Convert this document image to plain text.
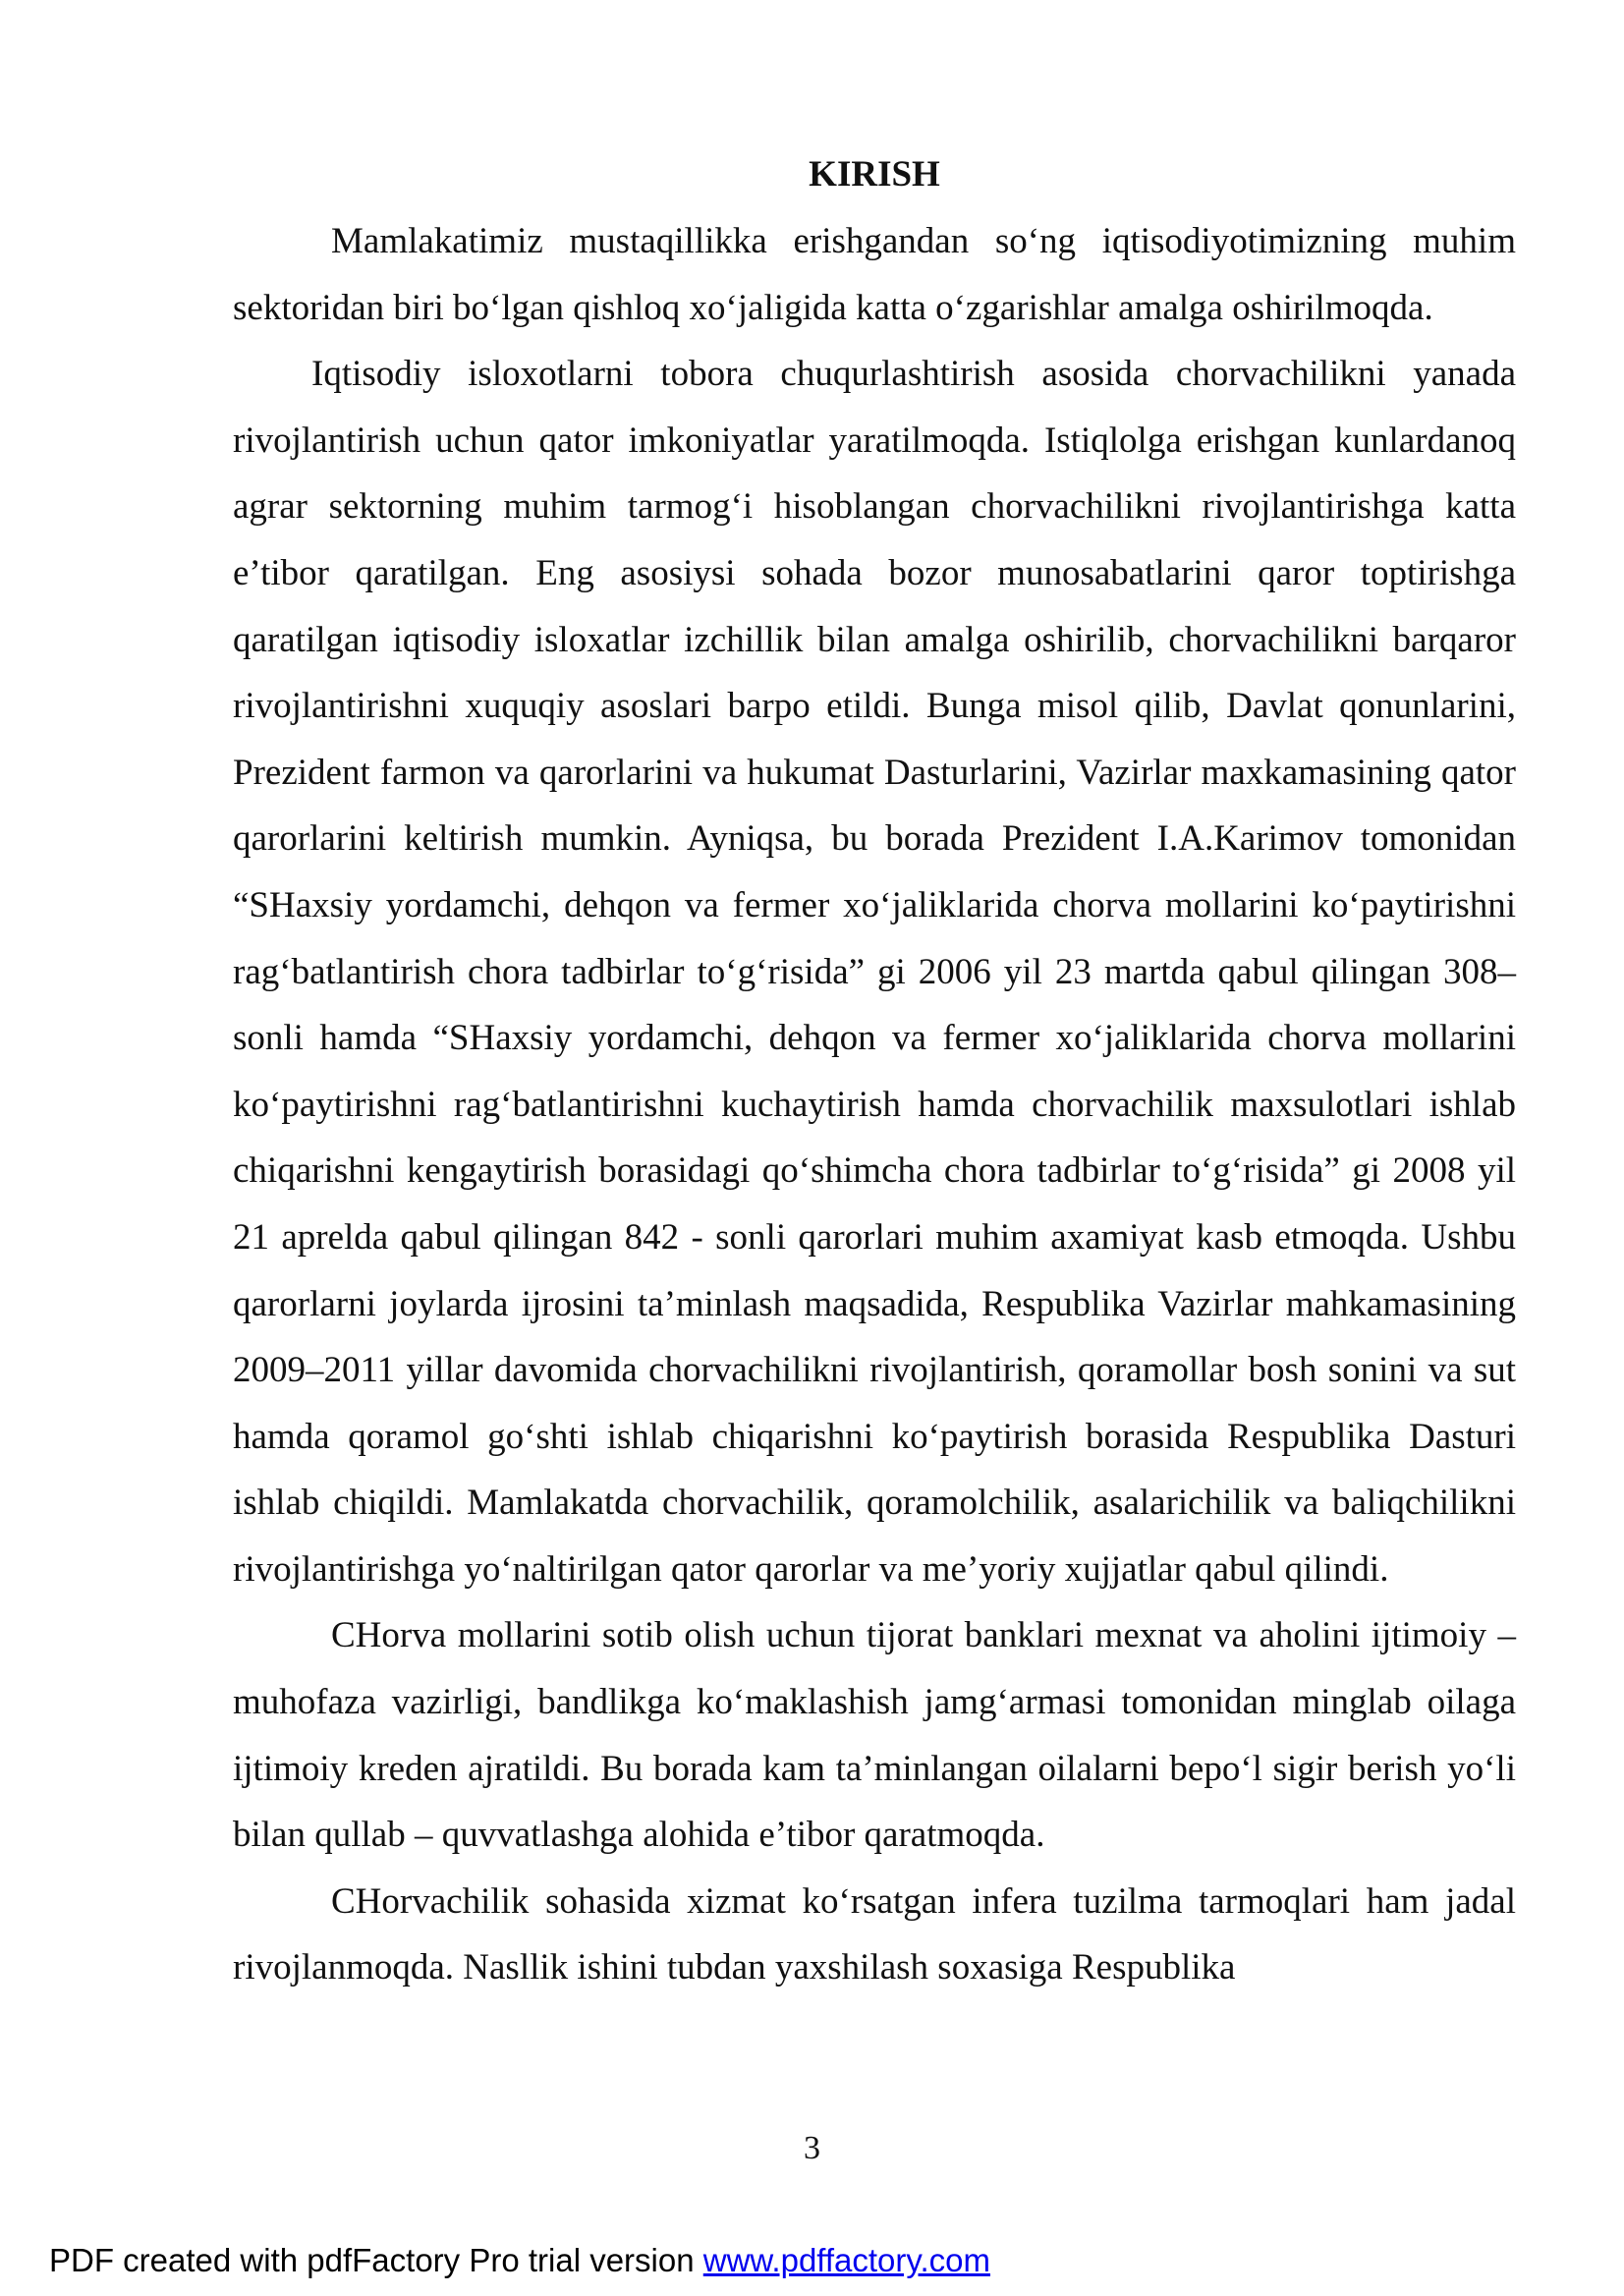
KIRISH

Mamlakatimiz mustaqillikka erishgandan so‘ng iqtisodiyotimizning muhim sektoridan biri bo‘lgan qishloq xo‘jaligida katta o‘zgarishlar amalga oshirilmoqda.

Iqtisodiy isloxotlarni tobora chuqurlashtirish asosida chorvachilikni yanada rivojlantirish uchun qator imkoniyatlar yaratilmoqda. Istiqlolga erishgan kunlardanoq agrar sektorning muhim tarmog‘i hisoblangan chorvachilikni rivojlantirishga katta e’tibor qaratilgan. Eng asosiysi sohada bozor munosabatlarini qaror toptirishga qaratilgan iqtisodiy isloxatlar izchillik bilan amalga oshirilib, chorvachilikni barqaror rivojlantirishni xuquqiy asoslari barpo etildi. Bunga misol qilib, Davlat qonunlarini, Prezident farmon va qarorlarini va hukumat Dasturlarini, Vazirlar maxkamasining qator qarorlarini keltirish mumkin. Ayniqsa, bu borada Prezident I.A.Karimov tomonidan “SHaxsiy yordamchi, dehqon va fermer xo‘jaliklarida chorva mollarini ko‘paytirishni rag‘batlantirish chora tadbirlar to‘g‘risida” gi 2006 yil 23 martda qabul qilingan 308–sonli hamda “SHaxsiy yordamchi, dehqon va fermer xo‘jaliklarida chorva mollarini ko‘paytirishni rag‘batlantirishni kuchaytirish hamda chorvachilik maxsulotlari ishlab chiqarishni kengaytirish borasidagi qo‘shimcha chora tadbirlar to‘g‘risida” gi 2008 yil 21 aprelda qabul qilingan 842 - sonli qarorlari muhim axamiyat kasb etmoqda. Ushbu qarorlarni joylarda ijrosini ta’minlash maqsadida, Respublika Vazirlar mahkamasining 2009–2011 yillar davomida chorvachilikni rivojlantirish, qoramollar bosh sonini va sut hamda qoramol go‘shti ishlab chiqarishni ko‘paytirish borasida Respublika Dasturi ishlab chiqildi. Mamlakatda chorvachilik, qoramolchilik, asalarichilik va baliqchilikni rivojlantirishga yo‘naltirilgan qator qarorlar va me’yoriy xujjatlar qabul qilindi.

CHorva mollarini sotib olish uchun tijorat banklari mexnat va aholini ijtimoiy – muhofaza vazirligi, bandlikga ko‘maklashish jamg‘armasi tomonidan minglab oilaga ijtimoiy kreden ajratildi. Bu borada kam ta’minlangan oilalarni bepo‘l sigir berish yo‘li bilan qullab – quvvatlashga alohida e’tibor qaratmoqda.

CHorvachilik sohasida xizmat ko‘rsatgan infera tuzilma tarmoqlari ham jadal rivojlanmoqda. Nasllik ishini tubdan yaxshilash soxasiga Respublika

3
PDF created with pdfFactory Pro trial version www.pdffactory.com
